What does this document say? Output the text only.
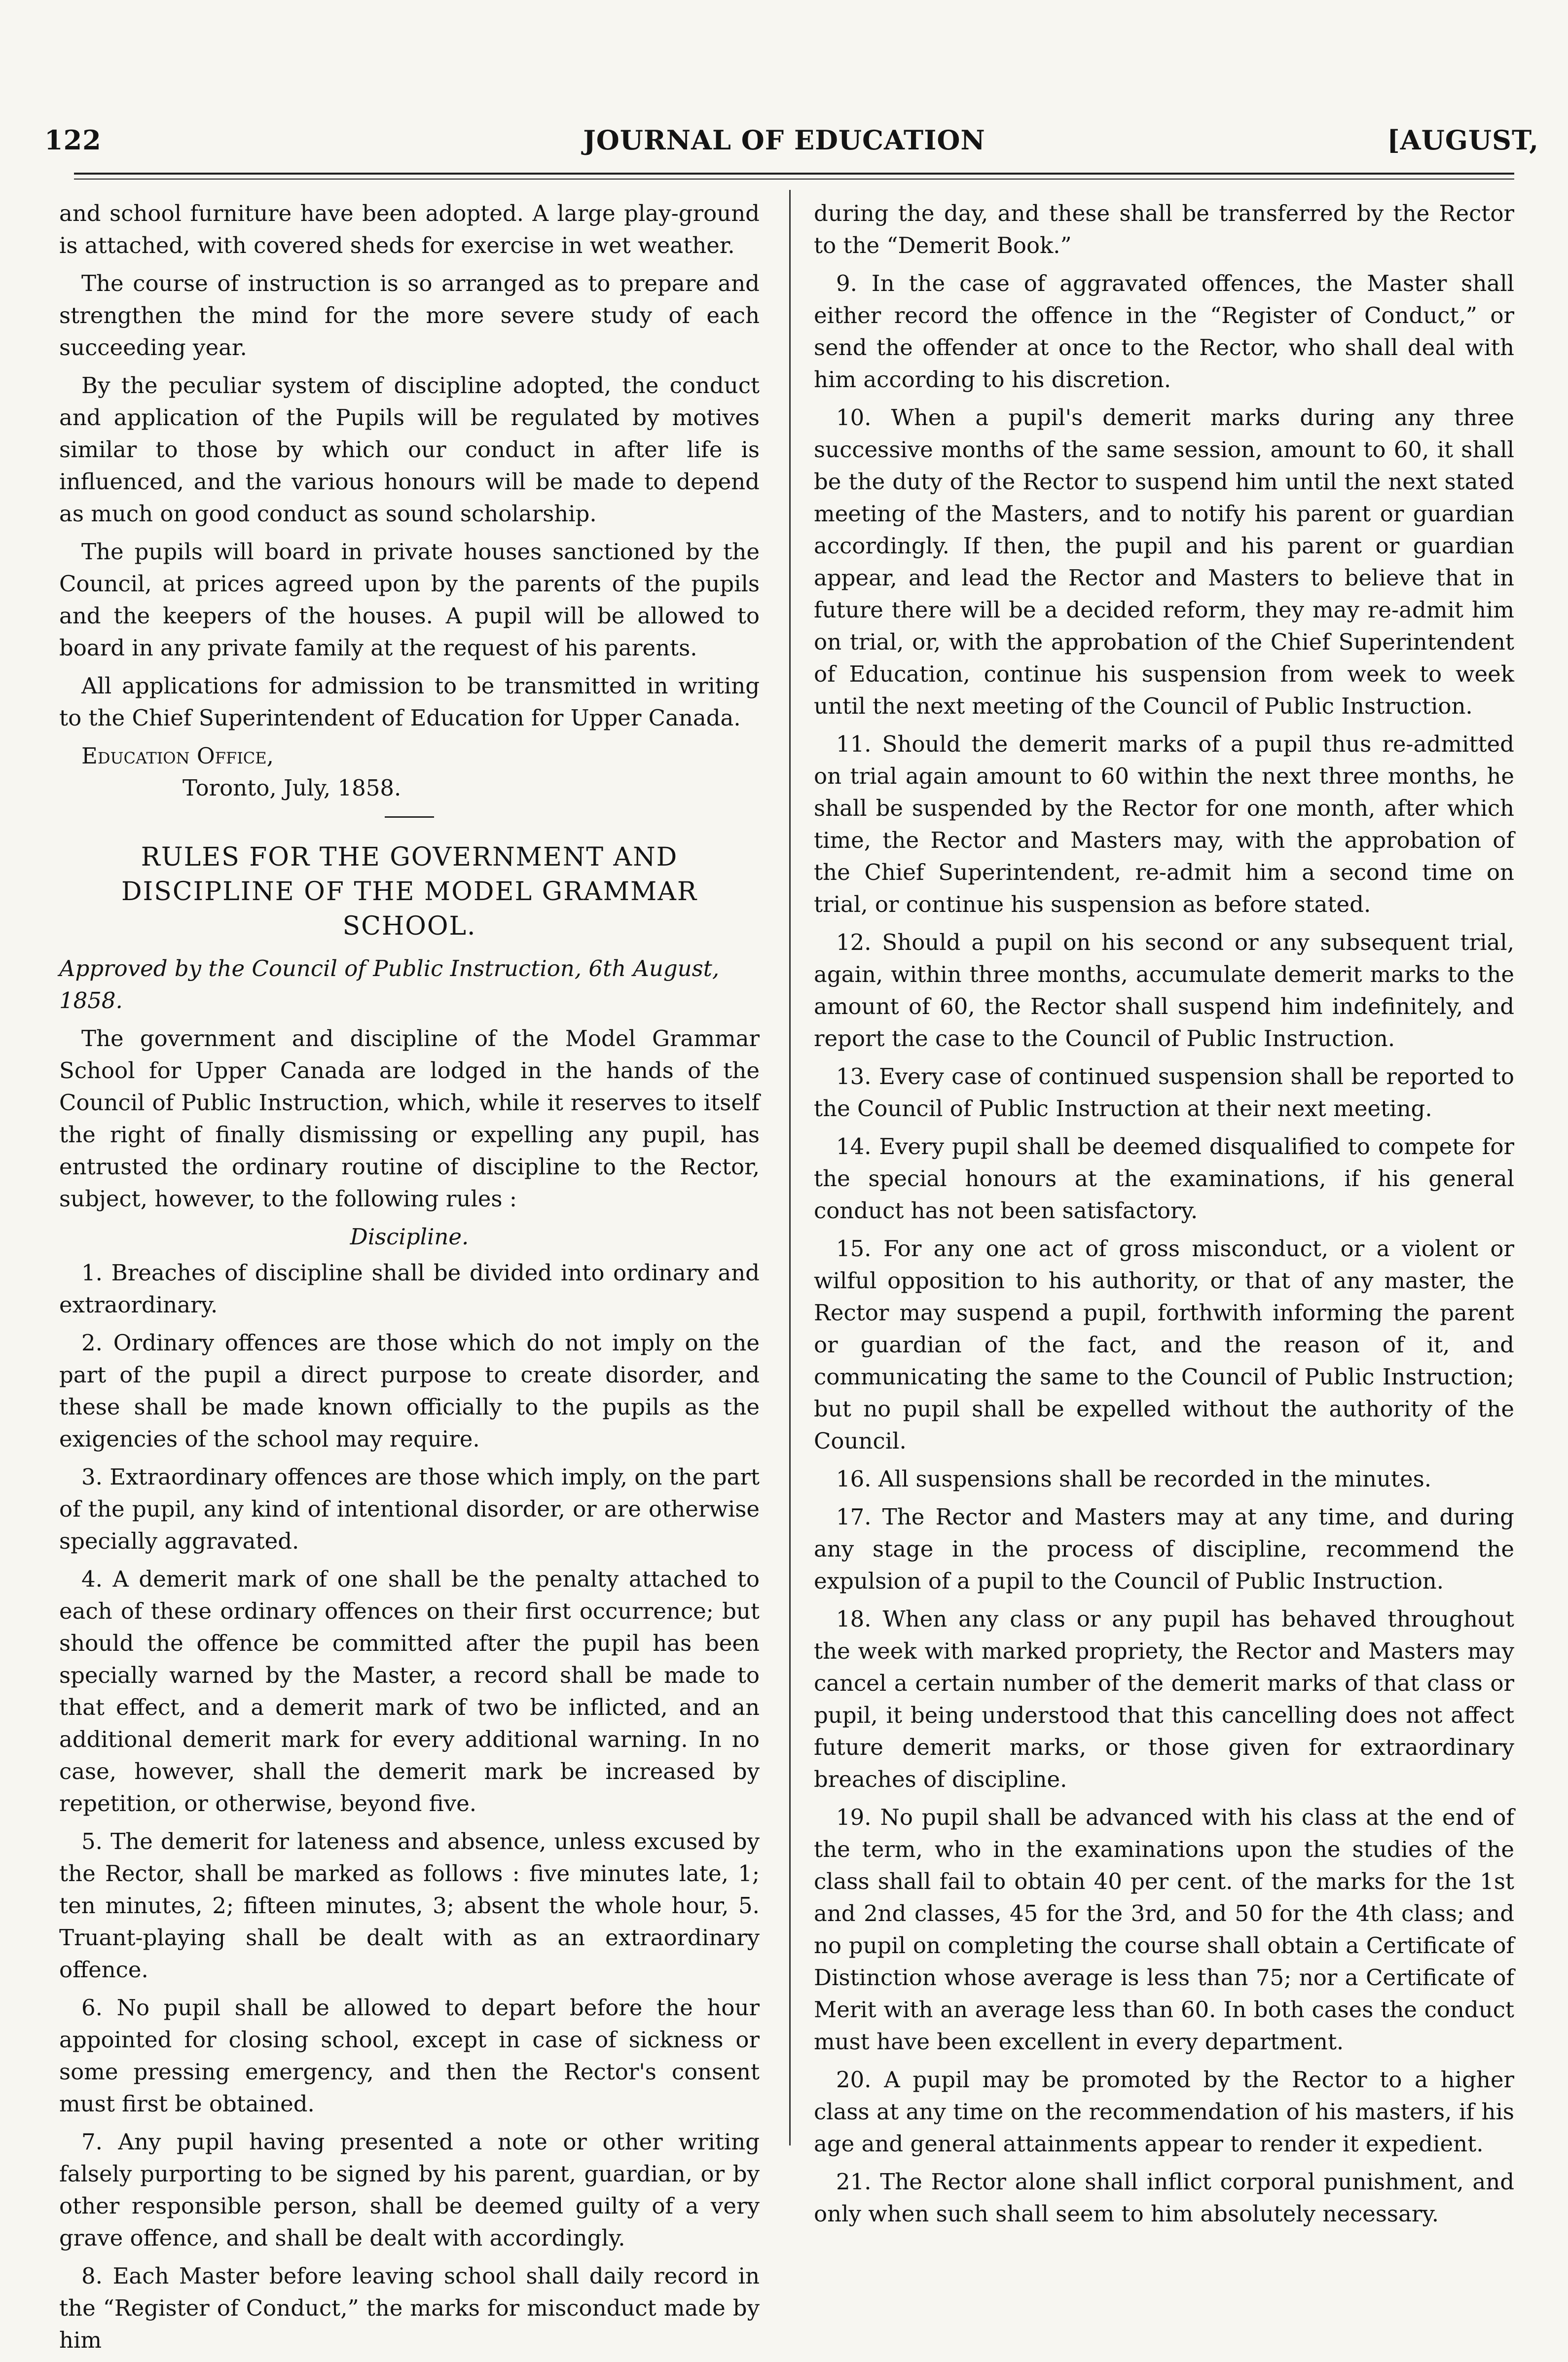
122	JOURNAL OF EDUCATION	[AUGUST,

and school furniture have been adopted. A large play-ground is attached, with covered sheds for exercise in wet weather.

The course of instruction is so arranged as to prepare and strengthen the mind for the more severe study of each succeeding year.

By the peculiar system of discipline adopted, the conduct and application of the Pupils will be regulated by motives similar to those by which our conduct in after life is influenced, and the various honours will be made to depend as much on good conduct as sound scholarship.

The pupils will board in private houses sanctioned by the Council, at prices agreed upon by the parents of the pupils and the keepers of the houses. A pupil will be allowed to board in any private family at the request of his parents.

All applications for admission to be transmitted in writing to the Chief Superintendent of Education for Upper Canada.

Education Office,

Toronto, July, 1858.

RULES FOR THE GOVERNMENT AND DISCIPLINE OF THE MODEL GRAMMAR SCHOOL.

Approved by the Council of Public Instruction, 6th August, 1858.

The government and discipline of the Model Grammar School for Upper Canada are lodged in the hands of the Council of Public Instruction, which, while it reserves to itself the right of finally dismissing or expelling any pupil, has entrusted the ordinary routine of discipline to the Rector, subject, however, to the following rules :

Discipline.

1. Breaches of discipline shall be divided into ordinary and extraordinary.

2. Ordinary offences are those which do not imply on the part of the pupil a direct purpose to create disorder, and these shall be made known officially to the pupils as the exigencies of the school may require.

3. Extraordinary offences are those which imply, on the part of the pupil, any kind of intentional disorder, or are otherwise specially aggravated.

4. A demerit mark of one shall be the penalty attached to each of these ordinary offences on their first occurrence; but should the offence be committed after the pupil has been specially warned by the Master, a record shall be made to that effect, and a demerit mark of two be inflicted, and an additional demerit mark for every additional warning. In no case, however, shall the demerit mark be increased by repetition, or otherwise, beyond five.

5. The demerit for lateness and absence, unless excused by the Rector, shall be marked as follows : five minutes late, 1; ten minutes, 2; fifteen minutes, 3; absent the whole hour, 5. Truant-playing shall be dealt with as an extraordinary offence.

6. No pupil shall be allowed to depart before the hour appointed for closing school, except in case of sickness or some pressing emergency, and then the Rector's consent must first be obtained.

7. Any pupil having presented a note or other writing falsely purporting to be signed by his parent, guardian, or by other responsible person, shall be deemed guilty of a very grave offence, and shall be dealt with accordingly.

8. Each Master before leaving school shall daily record in the “Register of Conduct,” the marks for misconduct made by him

during the day, and these shall be transferred by the Rector to the “Demerit Book.”

9. In the case of aggravated offences, the Master shall either record the offence in the “Register of Conduct,” or send the offender at once to the Rector, who shall deal with him according to his discretion.

10. When a pupil's demerit marks during any three successive months of the same session, amount to 60, it shall be the duty of the Rector to suspend him until the next stated meeting of the Masters, and to notify his parent or guardian accordingly. If then, the pupil and his parent or guardian appear, and lead the Rector and Masters to believe that in future there will be a decided reform, they may re-admit him on trial, or, with the approbation of the Chief Superintendent of Education, continue his suspension from week to week until the next meeting of the Council of Public Instruction.

11. Should the demerit marks of a pupil thus re-admitted on trial again amount to 60 within the next three months, he shall be suspended by the Rector for one month, after which time, the Rector and Masters may, with the approbation of the Chief Superintendent, re-admit him a second time on trial, or continue his suspension as before stated.

12. Should a pupil on his second or any subsequent trial, again, within three months, accumulate demerit marks to the amount of 60, the Rector shall suspend him indefinitely, and report the case to the Council of Public Instruction.

13. Every case of continued suspension shall be reported to the Council of Public Instruction at their next meeting.

14. Every pupil shall be deemed disqualified to compete for the special honours at the examinations, if his general conduct has not been satisfactory.

15. For any one act of gross misconduct, or a violent or wilful opposition to his authority, or that of any master, the Rector may suspend a pupil, forthwith informing the parent or guardian of the fact, and the reason of it, and communicating the same to the Council of Public Instruction; but no pupil shall be expelled without the authority of the Council.

16. All suspensions shall be recorded in the minutes.

17. The Rector and Masters may at any time, and during any stage in the process of discipline, recommend the expulsion of a pupil to the Council of Public Instruction.

18. When any class or any pupil has behaved throughout the week with marked propriety, the Rector and Masters may cancel a certain number of the demerit marks of that class or pupil, it being understood that this cancelling does not affect future demerit marks, or those given for extraordinary breaches of discipline.

19. No pupil shall be advanced with his class at the end of the term, who in the examinations upon the studies of the class shall fail to obtain 40 per cent. of the marks for the 1st and 2nd classes, 45 for the 3rd, and 50 for the 4th class; and no pupil on completing the course shall obtain a Certificate of Distinction whose average is less than 75; nor a Certificate of Merit with an average less than 60. In both cases the conduct must have been excellent in every department.

20. A pupil may be promoted by the Rector to a higher class at any time on the recommendation of his masters, if his age and general attainments appear to render it expedient.

21. The Rector alone shall inflict corporal punishment, and only when such shall seem to him absolutely necessary.
